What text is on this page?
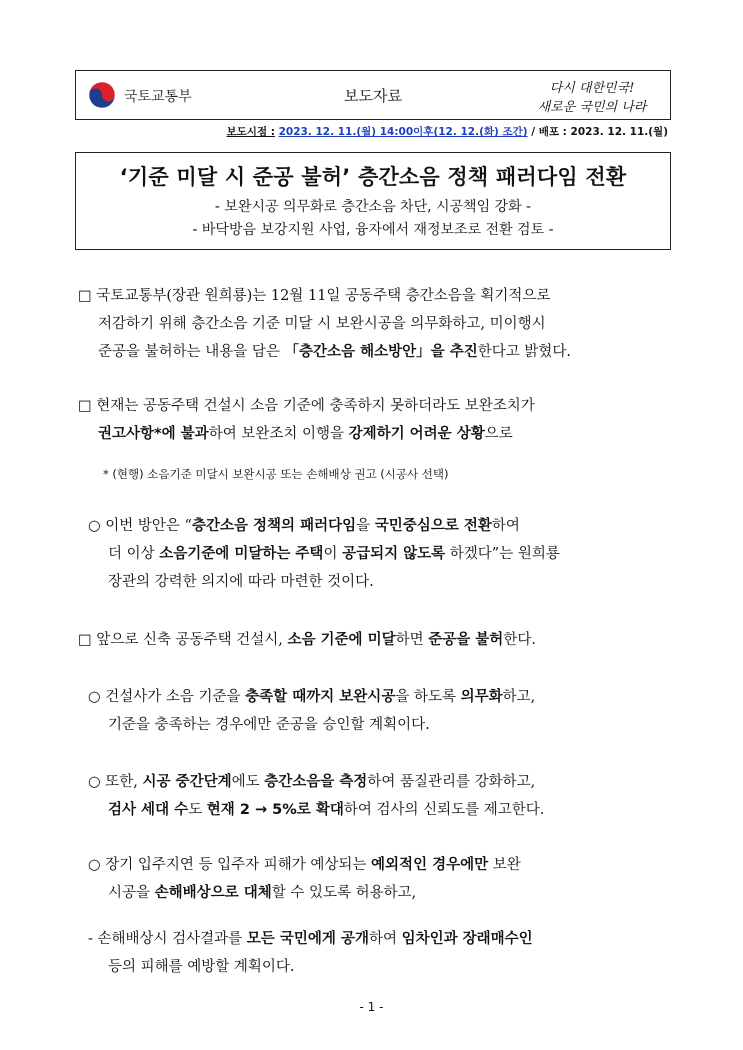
국토교통부	보도자료	다시 대한민국!
새로운 국민의 나라
보도시점 : 2023. 12. 11.(월) 14:00이후(12. 12.(화) 조간) / 배포 : 2023. 12. 11.(월)
‘기준 미달 시 준공 불허’ 층간소음 정책 패러다임 전환
- 보완시공 의무화로 층간소음 차단, 시공책임 강화 -
- 바닥방음 보강지원 사업, 융자에서 재정보조로 전환 검토 -
□ 국토교통부(장관 원희룡)는 12월 11일 공동주택 층간소음을 획기적으로
저감하기 위해 층간소음 기준 미달 시 보완시공을 의무화하고, 미이행시
준공을 불허하는 내용을 담은 「층간소음 해소방안」을 추진한다고 밝혔다.
□ 현재는 공동주택 건설시 소음 기준에 충족하지 못하더라도 보완조치가
권고사항*에 불과하여 보완조치 이행을 강제하기 어려운 상황으로
* (현행) 소음기준 미달시 보완시공 또는 손해배상 권고 (시공사 선택)
○ 이번 방안은 “층간소음 정책의 패러다임을 국민중심으로 전환하여
더 이상 소음기준에 미달하는 주택이 공급되지 않도록 하겠다”는 원희룡
장관의 강력한 의지에 따라 마련한 것이다.
□ 앞으로 신축 공동주택 건설시, 소음 기준에 미달하면 준공을 불허한다.
○ 건설사가 소음 기준을 충족할 때까지 보완시공을 하도록 의무화하고,
기준을 충족하는 경우에만 준공을 승인할 계획이다.
○ 또한, 시공 중간단계에도 층간소음을 측정하여 품질관리를 강화하고,
검사 세대 수도 현재 2 → 5%로 확대하여 검사의 신뢰도를 제고한다.
○ 장기 입주지연 등 입주자 피해가 예상되는 예외적인 경우에만 보완
시공을 손해배상으로 대체할 수 있도록 허용하고,
- 손해배상시 검사결과를 모든 국민에게 공개하여 임차인과 장래매수인
등의 피해를 예방할 계획이다.
- 1 -
